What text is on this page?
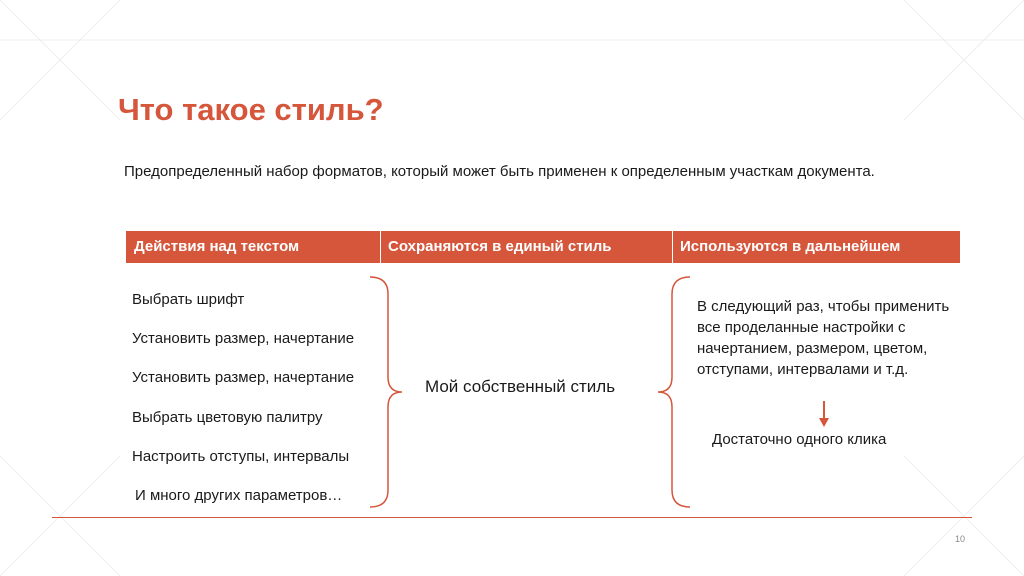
Что такое стиль?
Предопределенный набор форматов, который может быть применен к определенным участкам документа.
Действия над текстом	Сохраняются в единый стиль	Используются в дальнейшем
Выбрать шрифт
Установить размер, начертание
Установить размер, начертание
Выбрать цветовую палитру
Настроить отступы, интервалы
И много других параметров…
Мой собственный стиль
В следующий раз, чтобы применить все проделанные настройки с начертанием, размером, цветом, отступами, интервалами и т.д.
Достаточно одного клика
10
